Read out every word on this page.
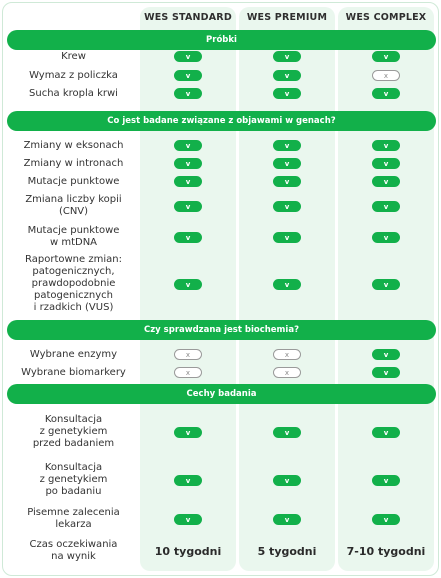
WES STANDARD	WES PREMIUM	WES COMPLEX
Próbki
Krew	v	v	v
Wymaz z policzka	v	v	x
Sucha kropla krwi	v	v	v
Co jest badane związane z objawami w genach?
Zmiany w eksonach	v	v	v
Zmiany w intronach	v	v	v
Mutacje punktowe	v	v	v
Zmiana liczby kopii
(CNV)	v	v	v
Mutacje punktowe
w mtDNA	v	v	v
Raportowne zmian:
patogenicznych,
prawdopodobnie
patogenicznych
i rzadkich (VUS)
v	v	v
Czy sprawdzana jest biochemia?
Wybrane enzymy	x	x	v
Wybrane biomarkery	x	x	v
Cechy badania
Konsultacja
z genetykiem
przed badaniem
v	v	v
Konsultacja
z genetykiem
po badaniu
v	v	v
Pisemne zalecenia
lekarza	v	v	v
Czas oczekiwania
na wynik	10 tygodni	5 tygodni	7-10 tygodni
